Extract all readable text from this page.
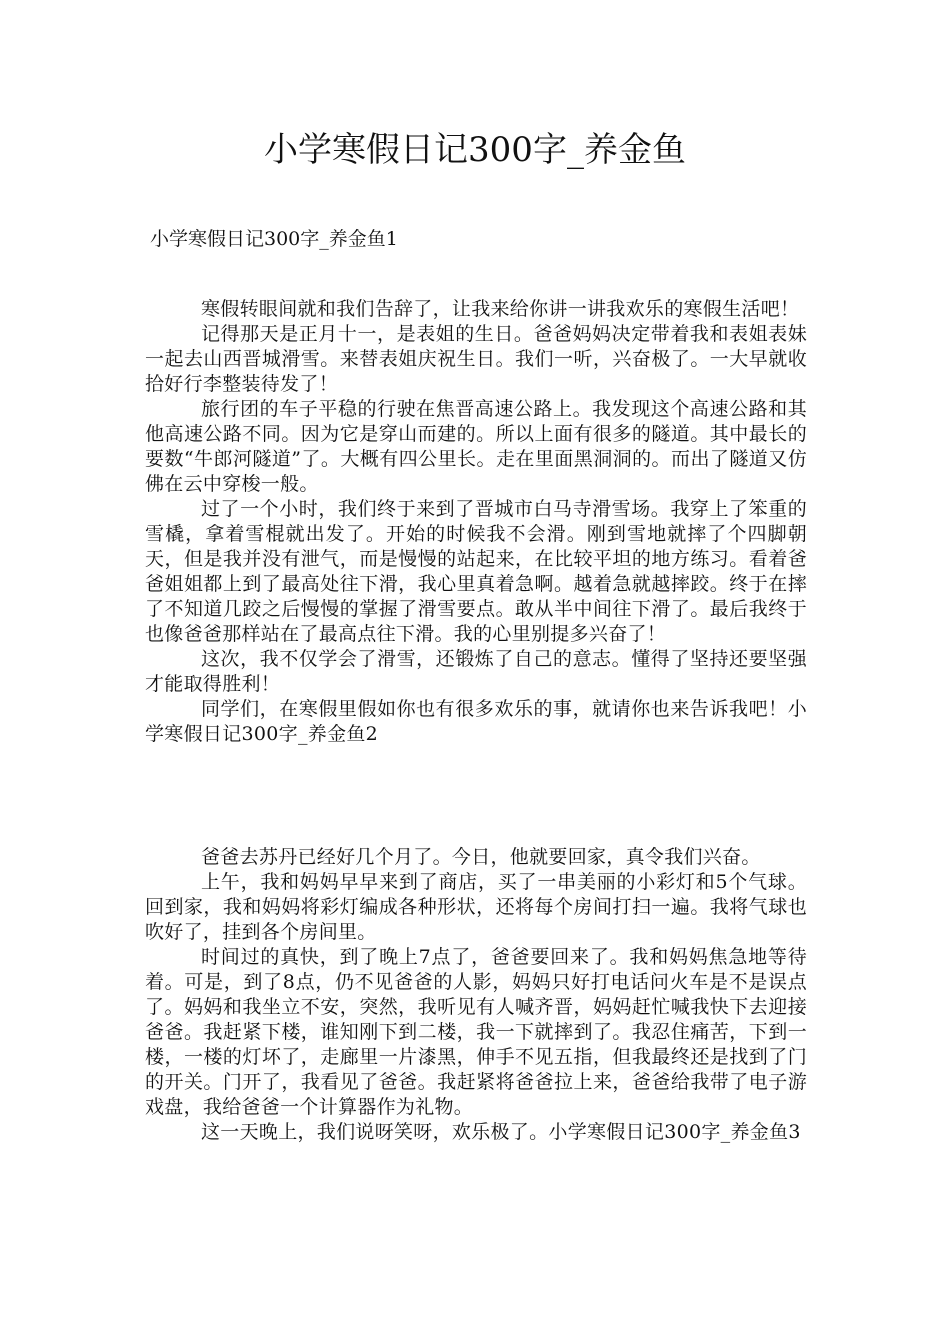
小学寒假日记300字_养金鱼
小学寒假日记300字_养金鱼1

寒假转眼间就和我们告辞了，让我来给你讲一讲我欢乐的寒假生活吧！

记得那天是正月十一，是表姐的生日。爸爸妈妈决定带着我和表姐表妹一起去山西晋城滑雪。来替表姐庆祝生日。我们一听，兴奋极了。一大早就收拾好行李整装待发了！

旅行团的车子平稳的行驶在焦晋高速公路上。我发现这个高速公路和其他高速公路不同。因为它是穿山而建的。所以上面有很多的隧道。其中最长的要数“牛郎河隧道”了。大概有四公里长。走在里面黑洞洞的。而出了隧道又仿佛在云中穿梭一般。

过了一个小时，我们终于来到了晋城市白马寺滑雪场。我穿上了笨重的雪橇，拿着雪棍就出发了。开始的时候我不会滑。刚到雪地就摔了个四脚朝天，但是我并没有泄气，而是慢慢的站起来，在比较平坦的地方练习。看着爸爸姐姐都上到了最高处往下滑，我心里真着急啊。越着急就越摔跤。终于在摔了不知道几跤之后慢慢的掌握了滑雪要点。敢从半中间往下滑了。最后我终于也像爸爸那样站在了最高点往下滑。我的心里别提多兴奋了！

这次，我不仅学会了滑雪，还锻炼了自己的意志。懂得了坚持还要坚强才能取得胜利！

同学们，在寒假里假如你也有很多欢乐的事，就请你也来告诉我吧！小学寒假日记300字_养金鱼2

爸爸去苏丹已经好几个月了。今日，他就要回家，真令我们兴奋。

上午，我和妈妈早早来到了商店，买了一串美丽的小彩灯和5个气球。回到家，我和妈妈将彩灯编成各种形状，还将每个房间打扫一遍。我将气球也吹好了，挂到各个房间里。

时间过的真快，到了晚上7点了，爸爸要回来了。我和妈妈焦急地等待着。可是，到了8点，仍不见爸爸的人影，妈妈只好打电话问火车是不是误点了。妈妈和我坐立不安，突然，我听见有人喊齐晋，妈妈赶忙喊我快下去迎接爸爸。我赶紧下楼，谁知刚下到二楼，我一下就摔到了。我忍住痛苦，下到一楼，一楼的灯坏了，走廊里一片漆黑，伸手不见五指，但我最终还是找到了门的开关。门开了，我看见了爸爸。我赶紧将爸爸拉上来，爸爸给我带了电子游戏盘，我给爸爸一个计算器作为礼物。

这一天晚上，我们说呀笑呀，欢乐极了。小学寒假日记300字_养金鱼3
